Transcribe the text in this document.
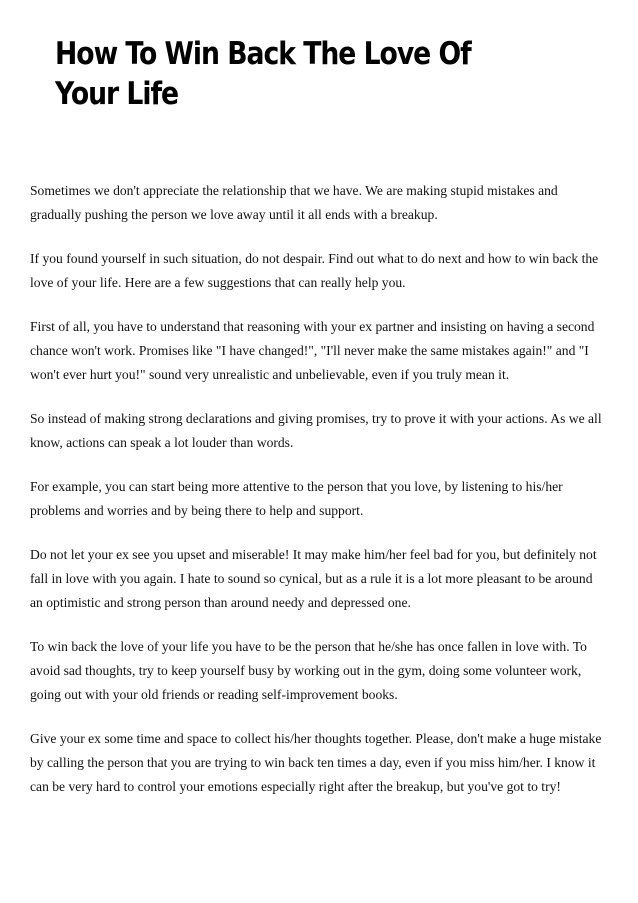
How To Win Back The Love Of Your Life

Sometimes we don't appreciate the relationship that we have. We are making stupid mistakes and gradually pushing the person we love away until it all ends with a breakup.

If you found yourself in such situation, do not despair. Find out what to do next and how to win back the love of your life. Here are a few suggestions that can really help you.

First of all, you have to understand that reasoning with your ex partner and insisting on having a second chance won't work. Promises like "I have changed!", "I'll never make the same mistakes again!" and "I won't ever hurt you!" sound very unrealistic and unbelievable, even if you truly mean it.

So instead of making strong declarations and giving promises, try to prove it with your actions. As we all know, actions can speak a lot louder than words.

For example, you can start being more attentive to the person that you love, by listening to his/her problems and worries and by being there to help and support.

Do not let your ex see you upset and miserable! It may make him/her feel bad for you, but definitely not fall in love with you again. I hate to sound so cynical, but as a rule it is a lot more pleasant to be around an optimistic and strong person than around needy and depressed one.

To win back the love of your life you have to be the person that he/she has once fallen in love with. To avoid sad thoughts, try to keep yourself busy by working out in the gym, doing some volunteer work, going out with your old friends or reading self-improvement books.

Give your ex some time and space to collect his/her thoughts together. Please, don't make a huge mistake by calling the person that you are trying to win back ten times a day, even if you miss him/her. I know it can be very hard to control your emotions especially right after the breakup, but you've got to try!
